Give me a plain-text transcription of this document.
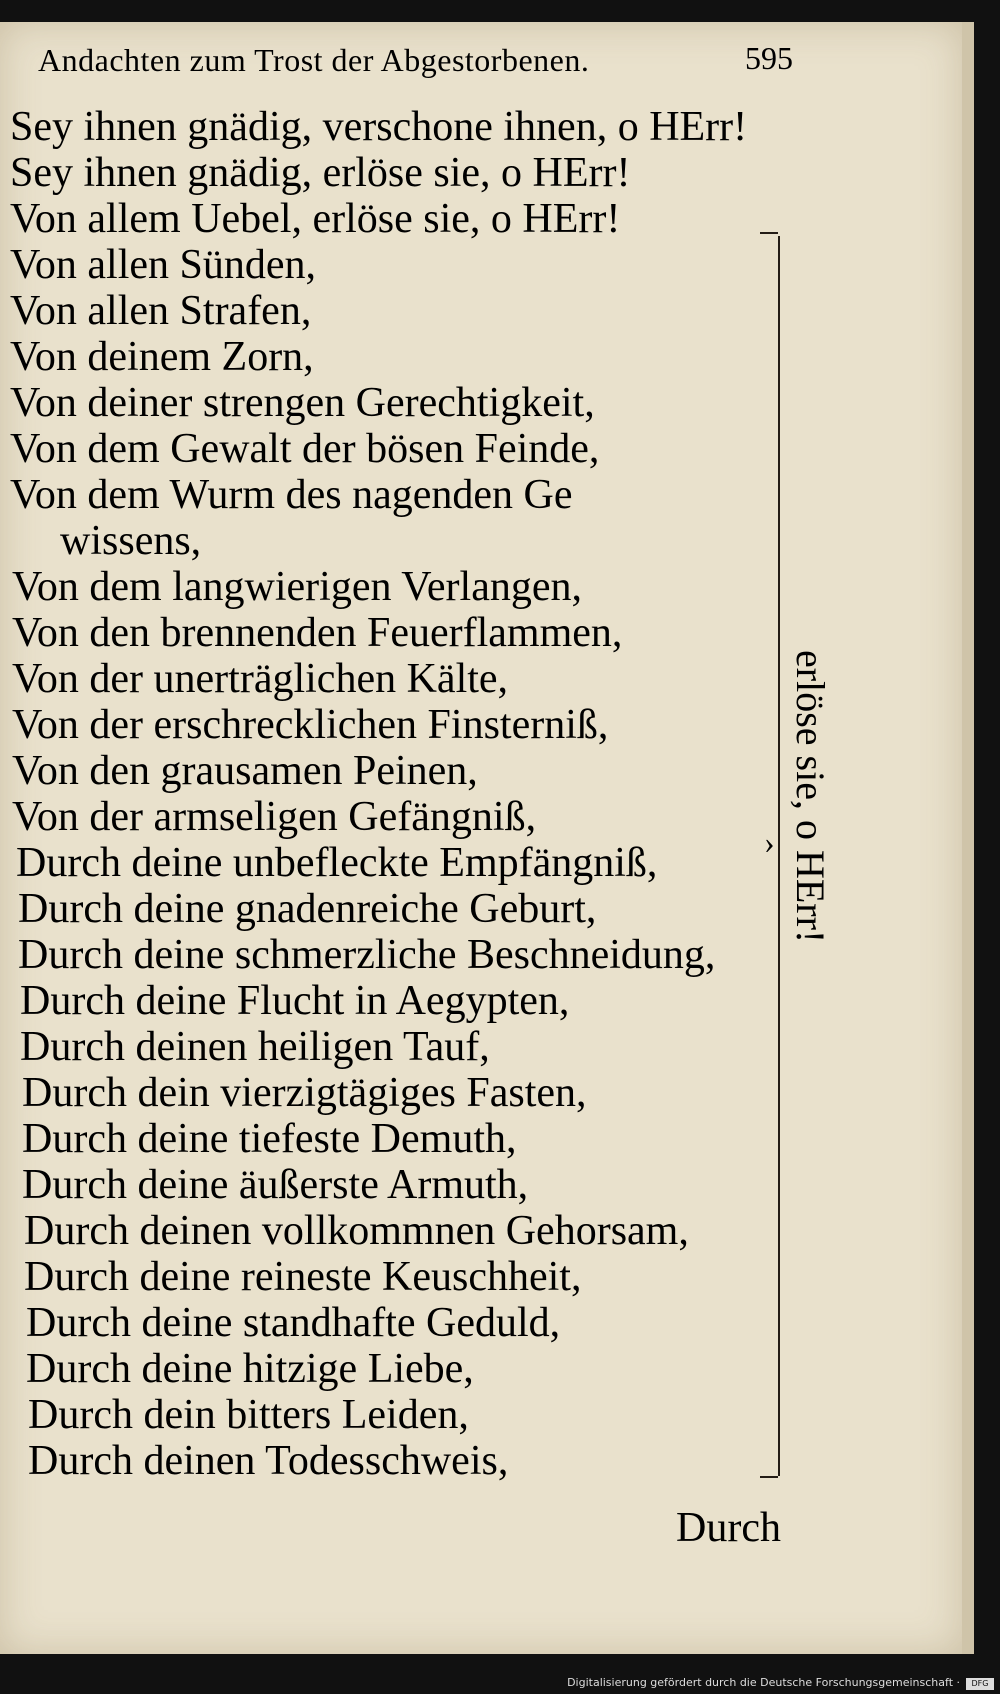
Andachten zum Trost der Abgestorbenen.	595
Sey ihnen gnädig, verschone ihnen, o HErr!
Sey ihnen gnädig, erlöse sie, o HErr!
Von allem Uebel, erlöse sie, o HErr!
Von allen Sünden,
Von allen Strafen,
Von deinem Zorn,
Von deiner strengen Gerechtigkeit,
Von dem Gewalt der bösen Feinde,
Von dem Wurm des nagenden Ge
wissens,
Von dem langwierigen Verlangen,
Von den brennenden Feuerflammen,
Von der unerträglichen Kälte,
Von der erschrecklichen Finsterniß,
Von den grausamen Peinen,
Von der armseligen Gefängniß,
Durch deine unbefleckte Empfängniß,
Durch deine gnadenreiche Geburt,
Durch deine schmerzliche Beschneidung,
Durch deine Flucht in Aegypten,
Durch deinen heiligen Tauf,
Durch dein vierzigtägiges Fasten,
Durch deine tiefeste Demuth,
Durch deine äußerste Armuth,
Durch deinen vollkommnen Gehorsam,
Durch deine reineste Keuschheit,
Durch deine standhafte Geduld,
Durch deine hitzige Liebe,
Durch dein bitters Leiden,
Durch deinen Todesschweis,
› erlöse sie, o HErr!
Durch
Digitalisierung gefördert durch die Deutsche Forschungsgemeinschaft ·	DFG
